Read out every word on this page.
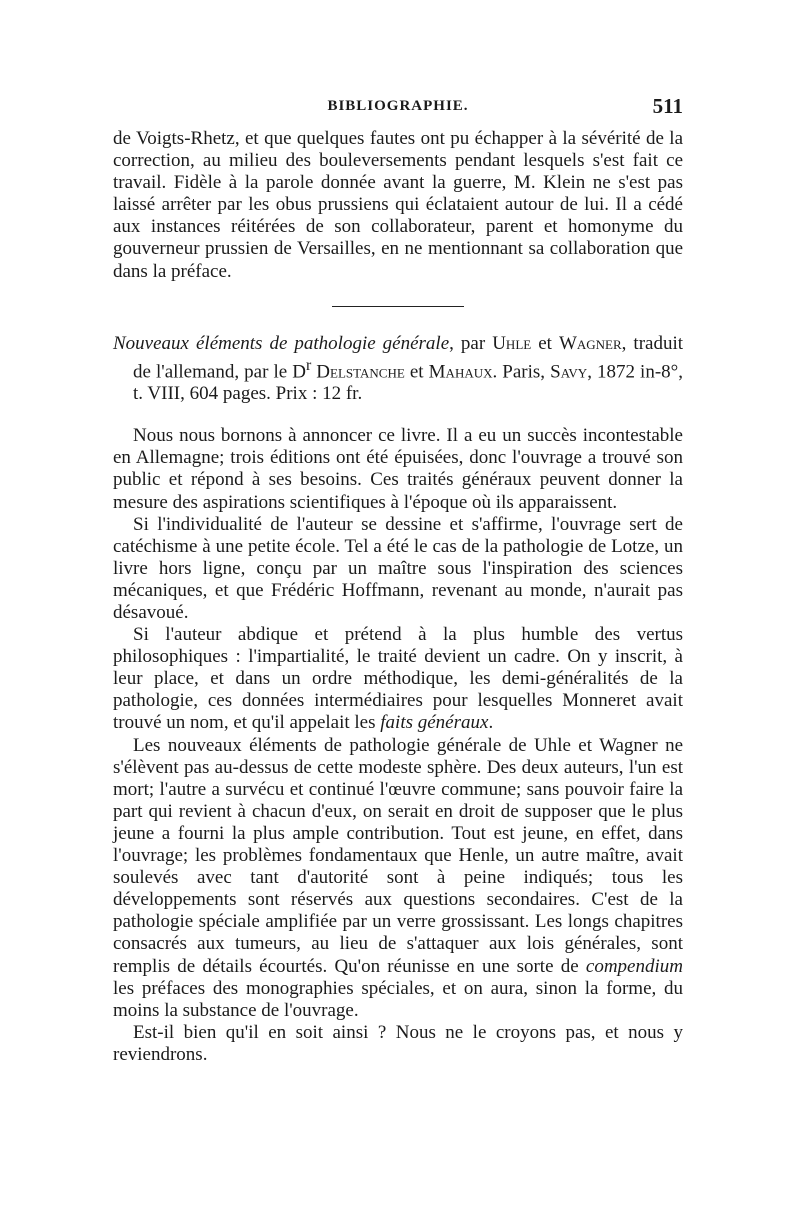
BIBLIOGRAPHIE.	511

de Voigts-Rhetz, et que quelques fautes ont pu échapper à la sévérité de la correction, au milieu des bouleversements pendant lesquels s'est fait ce travail. Fidèle à la parole donnée avant la guerre, M. Klein ne s'est pas laissé arrêter par les obus prussiens qui éclataient autour de lui. Il a cédé aux instances réitérées de son collaborateur, parent et homonyme du gouverneur prussien de Versailles, en ne mentionnant sa collaboration que dans la préface.

Nouveaux éléments de pathologie générale, par Uhle et Wagner, traduit de l'allemand, par le $D^r$ Delstanche et Mahaux. Paris, Savy, 1872 in-8°, t. VIII, 604 pages. Prix : 12 fr.

Nous nous bornons à annoncer ce livre. Il a eu un succès incontestable en Allemagne; trois éditions ont été épuisées, donc l'ouvrage a trouvé son public et répond à ses besoins. Ces traités généraux peuvent donner la mesure des aspirations scientifiques à l'époque où ils apparaissent.

Si l'individualité de l'auteur se dessine et s'affirme, l'ouvrage sert de catéchisme à une petite école. Tel a été le cas de la pathologie de Lotze, un livre hors ligne, conçu par un maître sous l'inspiration des sciences mécaniques, et que Frédéric Hoffmann, revenant au monde, n'aurait pas désavoué.

Si l'auteur abdique et prétend à la plus humble des vertus philosophiques : l'impartialité, le traité devient un cadre. On y inscrit, à leur place, et dans un ordre méthodique, les demi-généralités de la pathologie, ces données intermédiaires pour lesquelles Monneret avait trouvé un nom, et qu'il appelait les faits généraux.

Les nouveaux éléments de pathologie générale de Uhle et Wagner ne s'élèvent pas au-dessus de cette modeste sphère. Des deux auteurs, l'un est mort; l'autre a survécu et continué l'œuvre commune; sans pouvoir faire la part qui revient à chacun d'eux, on serait en droit de supposer que le plus jeune a fourni la plus ample contribution. Tout est jeune, en effet, dans l'ouvrage; les problèmes fondamentaux que Henle, un autre maître, avait soulevés avec tant d'autorité sont à peine indiqués; tous les développements sont réservés aux questions secondaires. C'est de la pathologie spéciale amplifiée par un verre grossissant. Les longs chapitres consacrés aux tumeurs, au lieu de s'attaquer aux lois générales, sont remplis de détails écourtés. Qu'on réunisse en une sorte de compendium les préfaces des monographies spéciales, et on aura, sinon la forme, du moins la substance de l'ouvrage.

Est-il bien qu'il en soit ainsi ? Nous ne le croyons pas, et nous y reviendrons.
